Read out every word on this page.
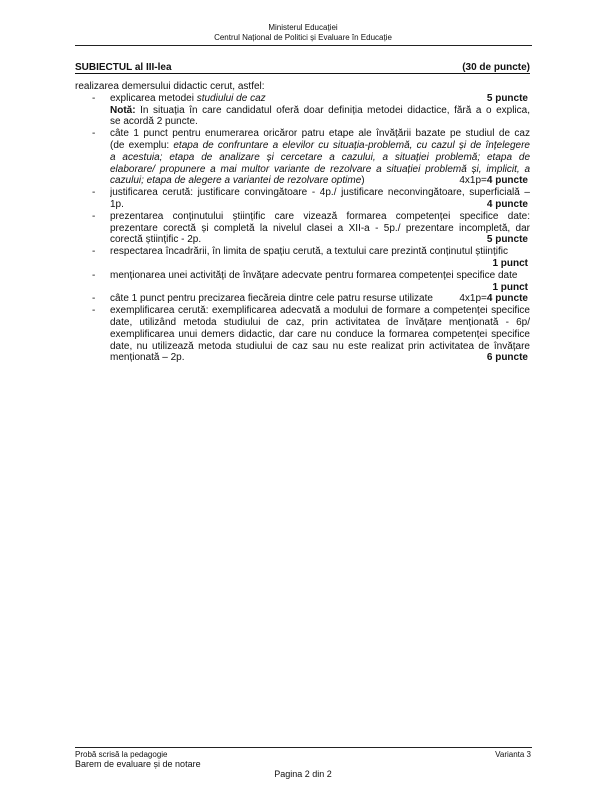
Ministerul Educației
Centrul Național de Politici și Evaluare în Educație
SUBIECTUL al III-lea	(30 de puncte)
realizarea demersului didactic cerut, astfel:
- explicarea metodei studiului de caz	5 puncte
Notă: În situația în care candidatul oferă doar definiția metodei didactice, fără a o explica,
se acordă 2 puncte.
- câte 1 punct pentru enumerarea oricăror patru etape ale învățării bazate pe studiul de caz
(de exemplu: etapa de confruntare a elevilor cu situația-problemă, cu cazul și de înțelegere
a acestuia; etapa de analizare și cercetare a cazului, a situației problemă; etapa de
elaborare/ propunere a mai multor variante de rezolvare a situației problemă și, implicit, a
cazului; etapa de alegere a variantei de rezolvare optime)	4x1p=4 puncte
- justificarea cerută: justificare convingătoare - 4p./ justificare neconvingătoare, superficială –
1p.	4 puncte
- prezentarea conținutului științific care vizează formarea competenței specifice date:
prezentare corectă și completă la nivelul clasei a XII-a - 5p./ prezentare incompletă, dar
corectă științific - 2p.	5 puncte
- respectarea încadrării, în limita de spațiu cerută, a textului care prezintă conținutul științific
1 punct
- menționarea unei activități de învățare adecvate pentru formarea competenței specifice date
1 punct
- câte 1 punct pentru precizarea fiecăreia dintre cele patru resurse utilizate	4x1p=4 puncte
- exemplificarea cerută: exemplificarea adecvată a modului de formare a competenței specifice
date, utilizând metoda studiului de caz, prin activitatea de învățare menționată - 6p/
exemplificarea unui demers didactic, dar care nu conduce la formarea competenței specifice
date, nu utilizează metoda studiului de caz sau nu este realizat prin activitatea de învățare
menționată – 2p.	6 puncte
Probă scrisă la pedagogie
Barem de evaluare și de notare
Varianta 3
Pagina 2 din 2
